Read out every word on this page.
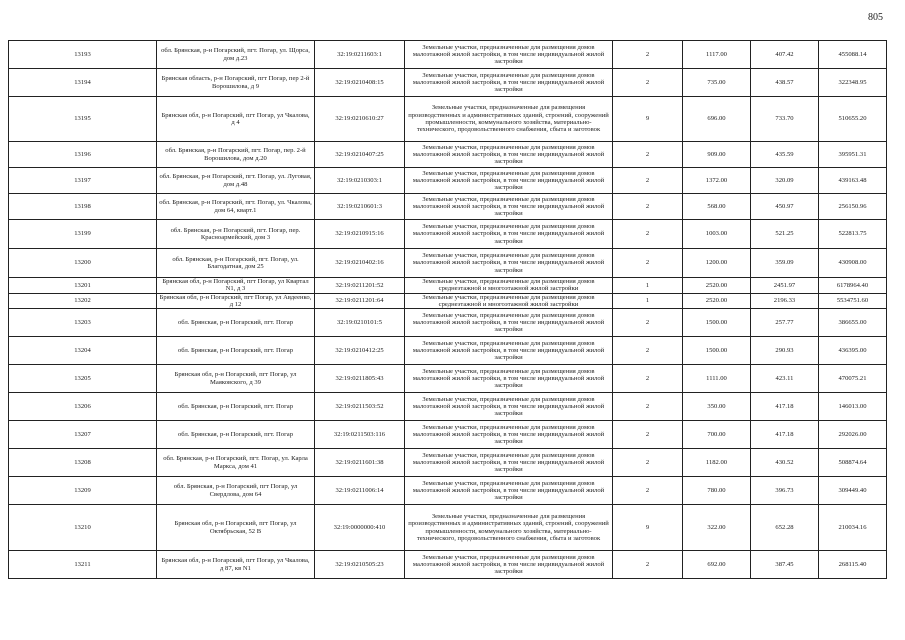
805
13193	обл. Брянская, р-н Погарский, пгт. Погар, ул. Щорса, дом д.23	32:19:0211603:1	Земельные участки, предназначенные для размещения домов малоэтажной жилой застройки, в том числе индивидуальной жилой застройки	2	1117.00	407.42	455088.14
13194	Брянская область, р-н Погарский, пгт Погар, пер 2-й Ворошилова, д 9	32:19:0210408:15	Земельные участки, предназначенные для размещения домов малоэтажной жилой застройки, в том числе индивидуальной жилой застройки	2	735.00	438.57	322348.95
13195	Брянская обл, р-н Погарский, пгт Погар, ул Чкалова, д 4	32:19:0210610:27	Земельные участки, предназначенные для размещения производственных и административных зданий, строений, сооружений промышленности, коммунального хозяйства, материально-технического, продовольственного снабжения, сбыта и заготовок	9	696.00	733.70	510655.20
13196	обл. Брянская, р-н Погарский, пгт. Погар, пер. 2-й Ворошилова, дом д.20	32:19:0210407:25	Земельные участки, предназначенные для размещения домов малоэтажной жилой застройки, в том числе индивидуальной жилой застройки	2	909.00	435.59	395951.31
13197	обл. Брянская, р-н Погарский, пгт. Погар, ул. Луговая, дом д.48	32:19:0210303:1	Земельные участки, предназначенные для размещения домов малоэтажной жилой застройки, в том числе индивидуальной жилой застройки	2	1372.00	320.09	439163.48
13198	обл. Брянская, р-н Погарский, пгт. Погар, ул. Чкалова, дом 64, кварт.1	32:19:0210601:3	Земельные участки, предназначенные для размещения домов малоэтажной жилой застройки, в том числе индивидуальной жилой застройки	2	568.00	450.97	256150.96
13199	обл. Брянская, р-н Погарский, пгт. Погар, пер. Красноармейский, дом 3	32:19:0210915:16	Земельные участки, предназначенные для размещения домов малоэтажной жилой застройки, в том числе индивидуальной жилой застройки	2	1003.00	521.25	522813.75
13200	обл. Брянская, р-н Погарский, пгт. Погар, ул. Благодатная, дом 25	32:19:0210402:16	Земельные участки, предназначенные для размещения домов малоэтажной жилой застройки, в том числе индивидуальной жилой застройки	2	1200.00	359.09	430908.00
13201	Брянская обл, р-н Погарский, пгт Погар, ул Квартал N1, д 3	32:19:0211201:52	Земельные участки, предназначенные для размещения домов среднеэтажной и многоэтажной жилой застройки	1	2520.00	2451.97	6178964.40
13202	Брянская обл, р-н Погарский, пгт Погар, ул Авдеенко, д 12	32:19:0211201:64	Земельные участки, предназначенные для размещения домов среднеэтажной и многоэтажной жилой застройки	1	2520.00	2196.33	5534751.60
13203	обл. Брянская, р-н Погарский, пгт. Погар	32:19:0210101:5	Земельные участки, предназначенные для размещения домов малоэтажной жилой застройки, в том числе индивидуальной жилой застройки	2	1500.00	257.77	386655.00
13204	обл. Брянская, р-н Погарский, пгт. Погар	32:19:0210412:25	Земельные участки, предназначенные для размещения домов малоэтажной жилой застройки, в том числе индивидуальной жилой застройки	2	1500.00	290.93	436395.00
13205	Брянская обл, р-н Погарский, пгт Погар, ул Маяковского, д 39	32:19:0211805:43	Земельные участки, предназначенные для размещения домов малоэтажной жилой застройки, в том числе индивидуальной жилой застройки	2	1111.00	423.11	470075.21
13206	обл. Брянская, р-н Погарский, пгт. Погар	32:19:0211503:52	Земельные участки, предназначенные для размещения домов малоэтажной жилой застройки, в том числе индивидуальной жилой застройки	2	350.00	417.18	146013.00
13207	обл. Брянская, р-н Погарский, пгт. Погар	32:19:0211503:116	Земельные участки, предназначенные для размещения домов малоэтажной жилой застройки, в том числе индивидуальной жилой застройки	2	700.00	417.18	292026.00
13208	обл. Брянская, р-н Погарский, пгт. Погар, ул. Карла Маркса, дом 41	32:19:0211601:38	Земельные участки, предназначенные для размещения домов малоэтажной жилой застройки, в том числе индивидуальной жилой застройки	2	1182.00	430.52	508874.64
13209	обл. Брянская, р-н Погарский, пгт Погар, ул Свердлова, дом 64	32:19:0211006:14	Земельные участки, предназначенные для размещения домов малоэтажной жилой застройки, в том числе индивидуальной жилой застройки	2	780.00	396.73	309449.40
13210	Брянская обл, р-н Погарский, пгт Погар, ул Октябрьская, 52 В	32:19:0000000:410	Земельные участки, предназначенные для размещения производственных и административных зданий, строений, сооружений промышленности, коммунального хозяйства, материально-технического, продовольственного снабжения, сбыта и заготовок	9	322.00	652.28	210034.16
13211	Брянская обл, р-н Погарский, пгт Погар, ул Чкалова, д 87, кв N1	32:19:0210505:23	Земельные участки, предназначенные для размещения домов малоэтажной жилой застройки, в том числе индивидуальной жилой застройки	2	692.00	387.45	268115.40
